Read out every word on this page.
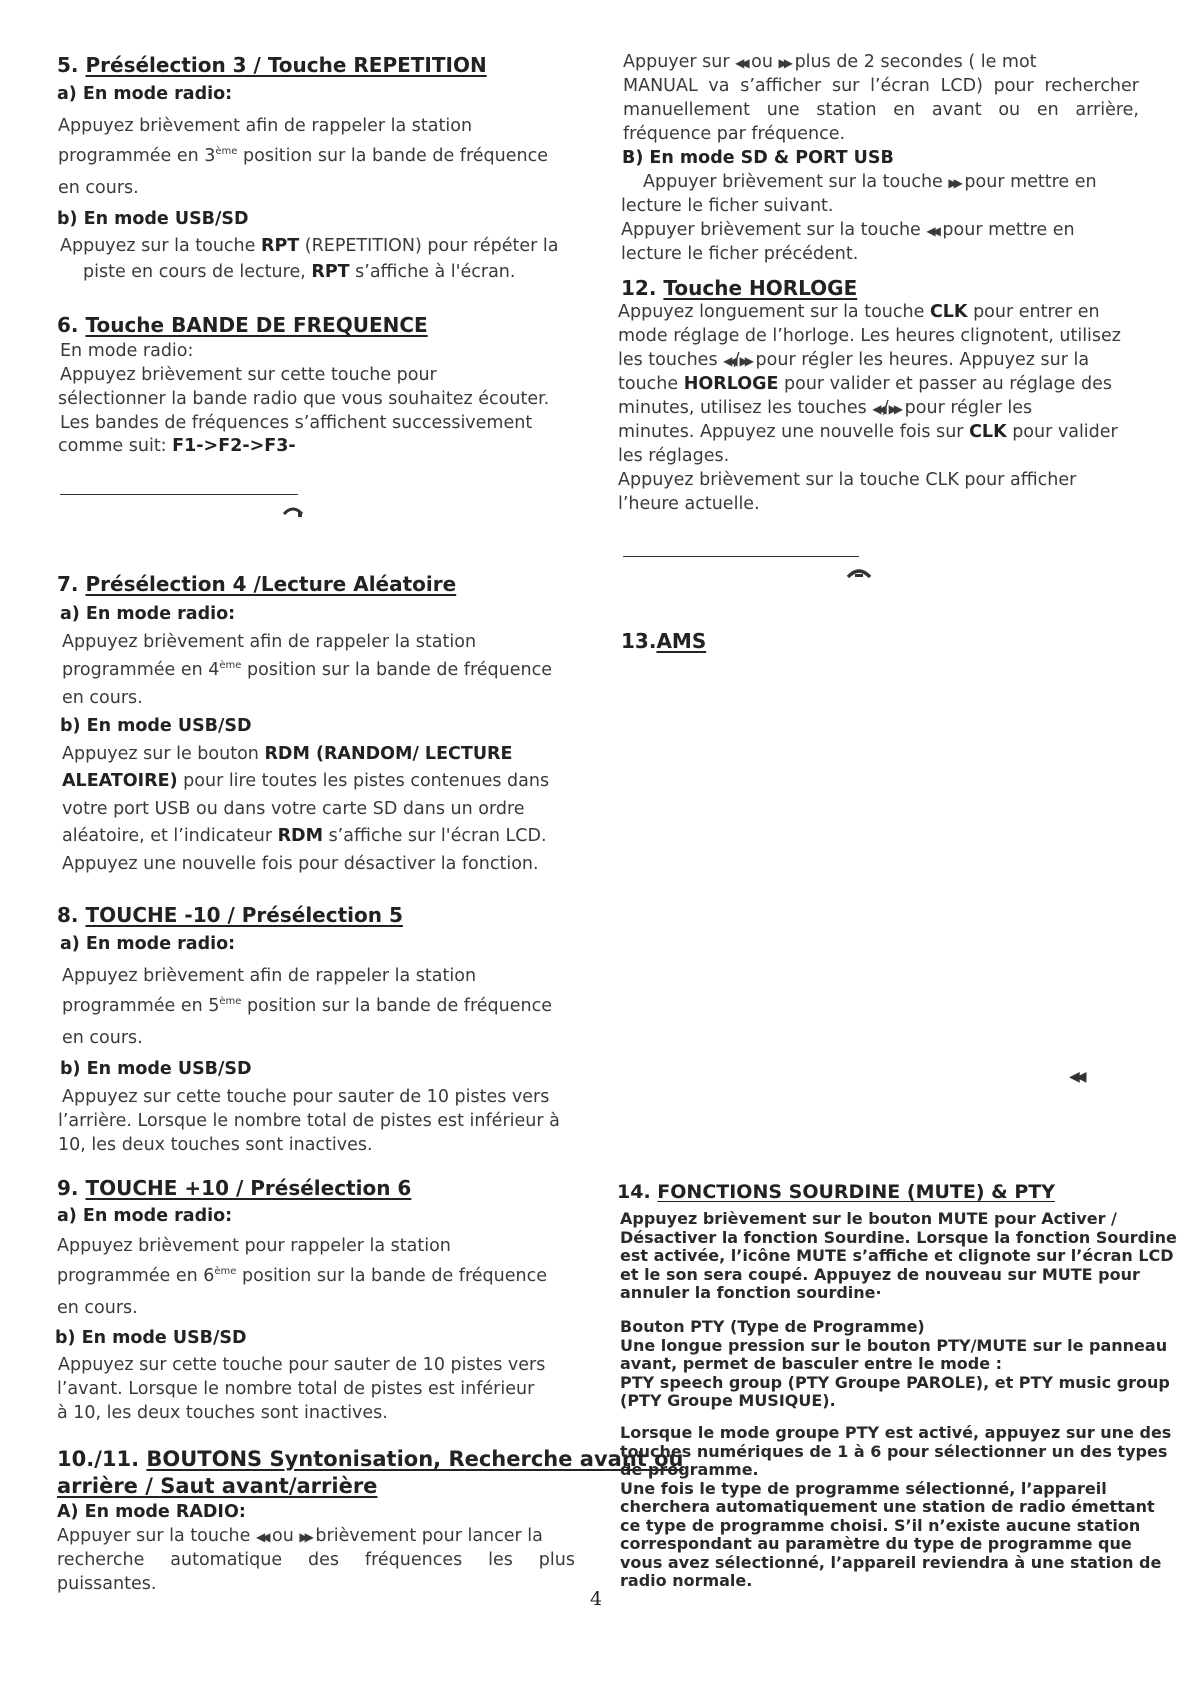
5. Présélection 3 / Touche REPETITION
a) En mode radio:
Appuyez brièvement afin de rappeler la station
programmée en 3ème position sur la bande de fréquence
en cours.
b) En mode USB/SD
Appuyez sur la touche RPT (REPETITION) pour répéter la
piste en cours de lecture, RPT s’affiche à l'écran.
6. Touche BANDE DE FREQUENCE
En mode radio:
Appuyez brièvement sur cette touche pour
sélectionner la bande radio que vous souhaitez écouter.
Les bandes de fréquences s’affichent successivement
comme suit: F1->F2->F3-
7. Présélection 4 /Lecture Aléatoire
a) En mode radio:
Appuyez brièvement afin de rappeler la station
programmée en 4ème position sur la bande de fréquence
en cours.
b) En mode USB/SD
Appuyez sur le bouton RDM (RANDOM/ LECTURE
ALEATOIRE) pour lire toutes les pistes contenues dans
votre port USB ou dans votre carte SD dans un ordre
aléatoire, et l’indicateur RDM s’affiche sur l'écran LCD.
Appuyez une nouvelle fois pour désactiver la fonction.
8. TOUCHE -10 / Présélection 5
a) En mode radio:
Appuyez brièvement afin de rappeler la station
programmée en 5ème position sur la bande de fréquence
en cours.
b) En mode USB/SD
Appuyez sur cette touche pour sauter de 10 pistes vers
l’arrière. Lorsque le nombre total de pistes est inférieur à
10, les deux touches sont inactives.
9. TOUCHE +10 / Présélection 6
a) En mode radio:
Appuyez brièvement pour rappeler la station
programmée en 6ème position sur la bande de fréquence
en cours.
b) En mode USB/SD
Appuyez sur cette touche pour sauter de 10 pistes vers
l’avant. Lorsque le nombre total de pistes est inférieur
à 10, les deux touches sont inactives.
10./11. BOUTONS Syntonisation, Recherche avant ou
arrière / Saut avant/arrière
A) En mode RADIO:
Appuyer sur la touche ◀◀ ou ▶▶ brièvement pour lancer la
recherche automatique des fréquences les plus
puissantes.
4
Appuyer sur ◀◀ ou ▶▶ plus de 2 secondes ( le mot
MANUAL va s’afficher sur l’écran LCD) pour rechercher
manuellement une station en avant ou en arrière,
fréquence par fréquence.
B) En mode SD & PORT USB
Appuyer brièvement sur la touche ▶▶ pour mettre en
lecture le ficher suivant.
Appuyer brièvement sur la touche ◀◀ pour mettre en
lecture le ficher précédent.
12. Touche HORLOGE
Appuyez longuement sur la touche CLK pour entrer en
mode réglage de l’horloge. Les heures clignotent, utilisez
les touches ◀◀/▶▶ pour régler les heures. Appuyez sur la
touche HORLOGE pour valider et passer au réglage des
minutes, utilisez les touches ◀◀/▶▶ pour régler les
minutes. Appuyez une nouvelle fois sur CLK pour valider
les réglages.
Appuyez brièvement sur la touche CLK pour afficher
l’heure actuelle.
13.AMS
◀◀
14. FONCTIONS SOURDINE (MUTE) & PTY
Appuyez brièvement sur le bouton MUTE pour Activer /
Désactiver la fonction Sourdine. Lorsque la fonction Sourdine
est activée, l’icône MUTE s’affiche et clignote sur l’écran LCD
et le son sera coupé. Appuyez de nouveau sur MUTE pour
annuler la fonction sourdine·
Bouton PTY (Type de Programme)
Une longue pression sur le bouton PTY/MUTE sur le panneau
avant, permet de basculer entre le mode :
PTY speech group (PTY Groupe PAROLE), et PTY music group
(PTY Groupe MUSIQUE).
Lorsque le mode groupe PTY est activé, appuyez sur une des
touches numériques de 1 à 6 pour sélectionner un des types
de programme.
Une fois le type de programme sélectionné, l’appareil
cherchera automatiquement une station de radio émettant
ce type de programme choisi. S’il n’existe aucune station
correspondant au paramètre du type de programme que
vous avez sélectionné, l’appareil reviendra à une station de
radio normale.
